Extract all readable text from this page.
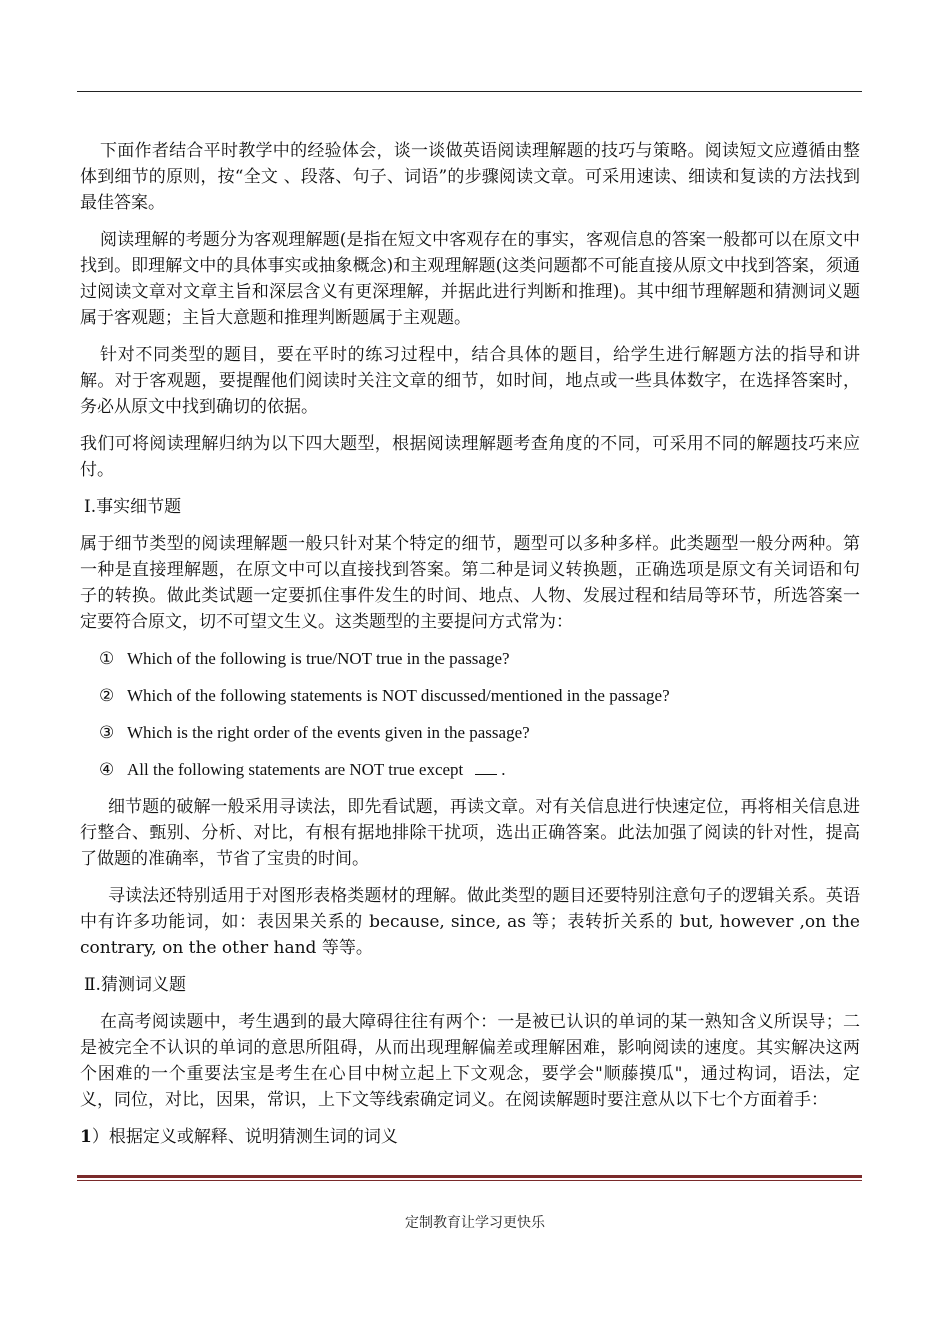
下面作者结合平时教学中的经验体会，谈一谈做英语阅读理解题的技巧与策略。阅读短文应遵循由整体到细节的原则，按“全文 、段落、句子、词语”的步骤阅读文章。可采用速读、细读和复读的方法找到最佳答案。

阅读理解的考题分为客观理解题(是指在短文中客观存在的事实，客观信息的答案一般都可以在原文中找到。即理解文中的具体事实或抽象概念)和主观理解题(这类问题都不可能直接从原文中找到答案，须通过阅读文章对文章主旨和深层含义有更深理解，并据此进行判断和推理)。其中细节理解题和猜测词义题属于客观题；主旨大意题和推理判断题属于主观题。

针对不同类型的题目，要在平时的练习过程中，结合具体的题目，给学生进行解题方法的指导和讲解。对于客观题，要提醒他们阅读时关注文章的细节，如时间，地点或一些具体数字，在选择答案时，务必从原文中找到确切的依据。

我们可将阅读理解归纳为以下四大题型，根据阅读理解题考查角度的不同，可采用不同的解题技巧来应付。

Ⅰ.事实细节题

属于细节类型的阅读理解题一般只针对某个特定的细节，题型可以多种多样。此类题型一般分两种。第一种是直接理解题，在原文中可以直接找到答案。第二种是词义转换题，正确选项是原文有关词语和句子的转换。做此类试题一定要抓住事件发生的时间、地点、人物、发展过程和结局等环节，所选答案一定要符合原文，切不可望文生义。这类题型的主要提问方式常为：

① Which of the following is true/NOT true in the passage?

② Which of the following statements is NOT discussed/mentioned in the passage?

③ Which is the right order of the events given in the passage?

④ All the following statements are NOT true except .

细节题的破解一般采用寻读法，即先看试题，再读文章。对有关信息进行快速定位，再将相关信息进行整合、甄别、分析、对比，有根有据地排除干扰项，选出正确答案。此法加强了阅读的针对性，提高了做题的准确率，节省了宝贵的时间。

寻读法还特别适用于对图形表格类题材的理解。做此类型的题目还要特别注意句子的逻辑关系。英语中有许多功能词，如：表因果关系的 because, since, as 等；表转折关系的 but, however ,on the contrary, on the other hand 等等。

Ⅱ.猜测词义题

在高考阅读题中，考生遇到的最大障碍往往有两个：一是被已认识的单词的某一熟知含义所误导；二是被完全不认识的单词的意思所阻碍，从而出现理解偏差或理解困难，影响阅读的速度。其实解决这两个困难的一个重要法宝是考生在心目中树立起上下文观念，要学会"顺藤摸瓜"，通过构词，语法，定义，同位，对比，因果，常识，上下文等线索确定词义。在阅读解题时要注意从以下七个方面着手：

1）根据定义或解释、说明猜测生词的词义

定制教育让学习更快乐
